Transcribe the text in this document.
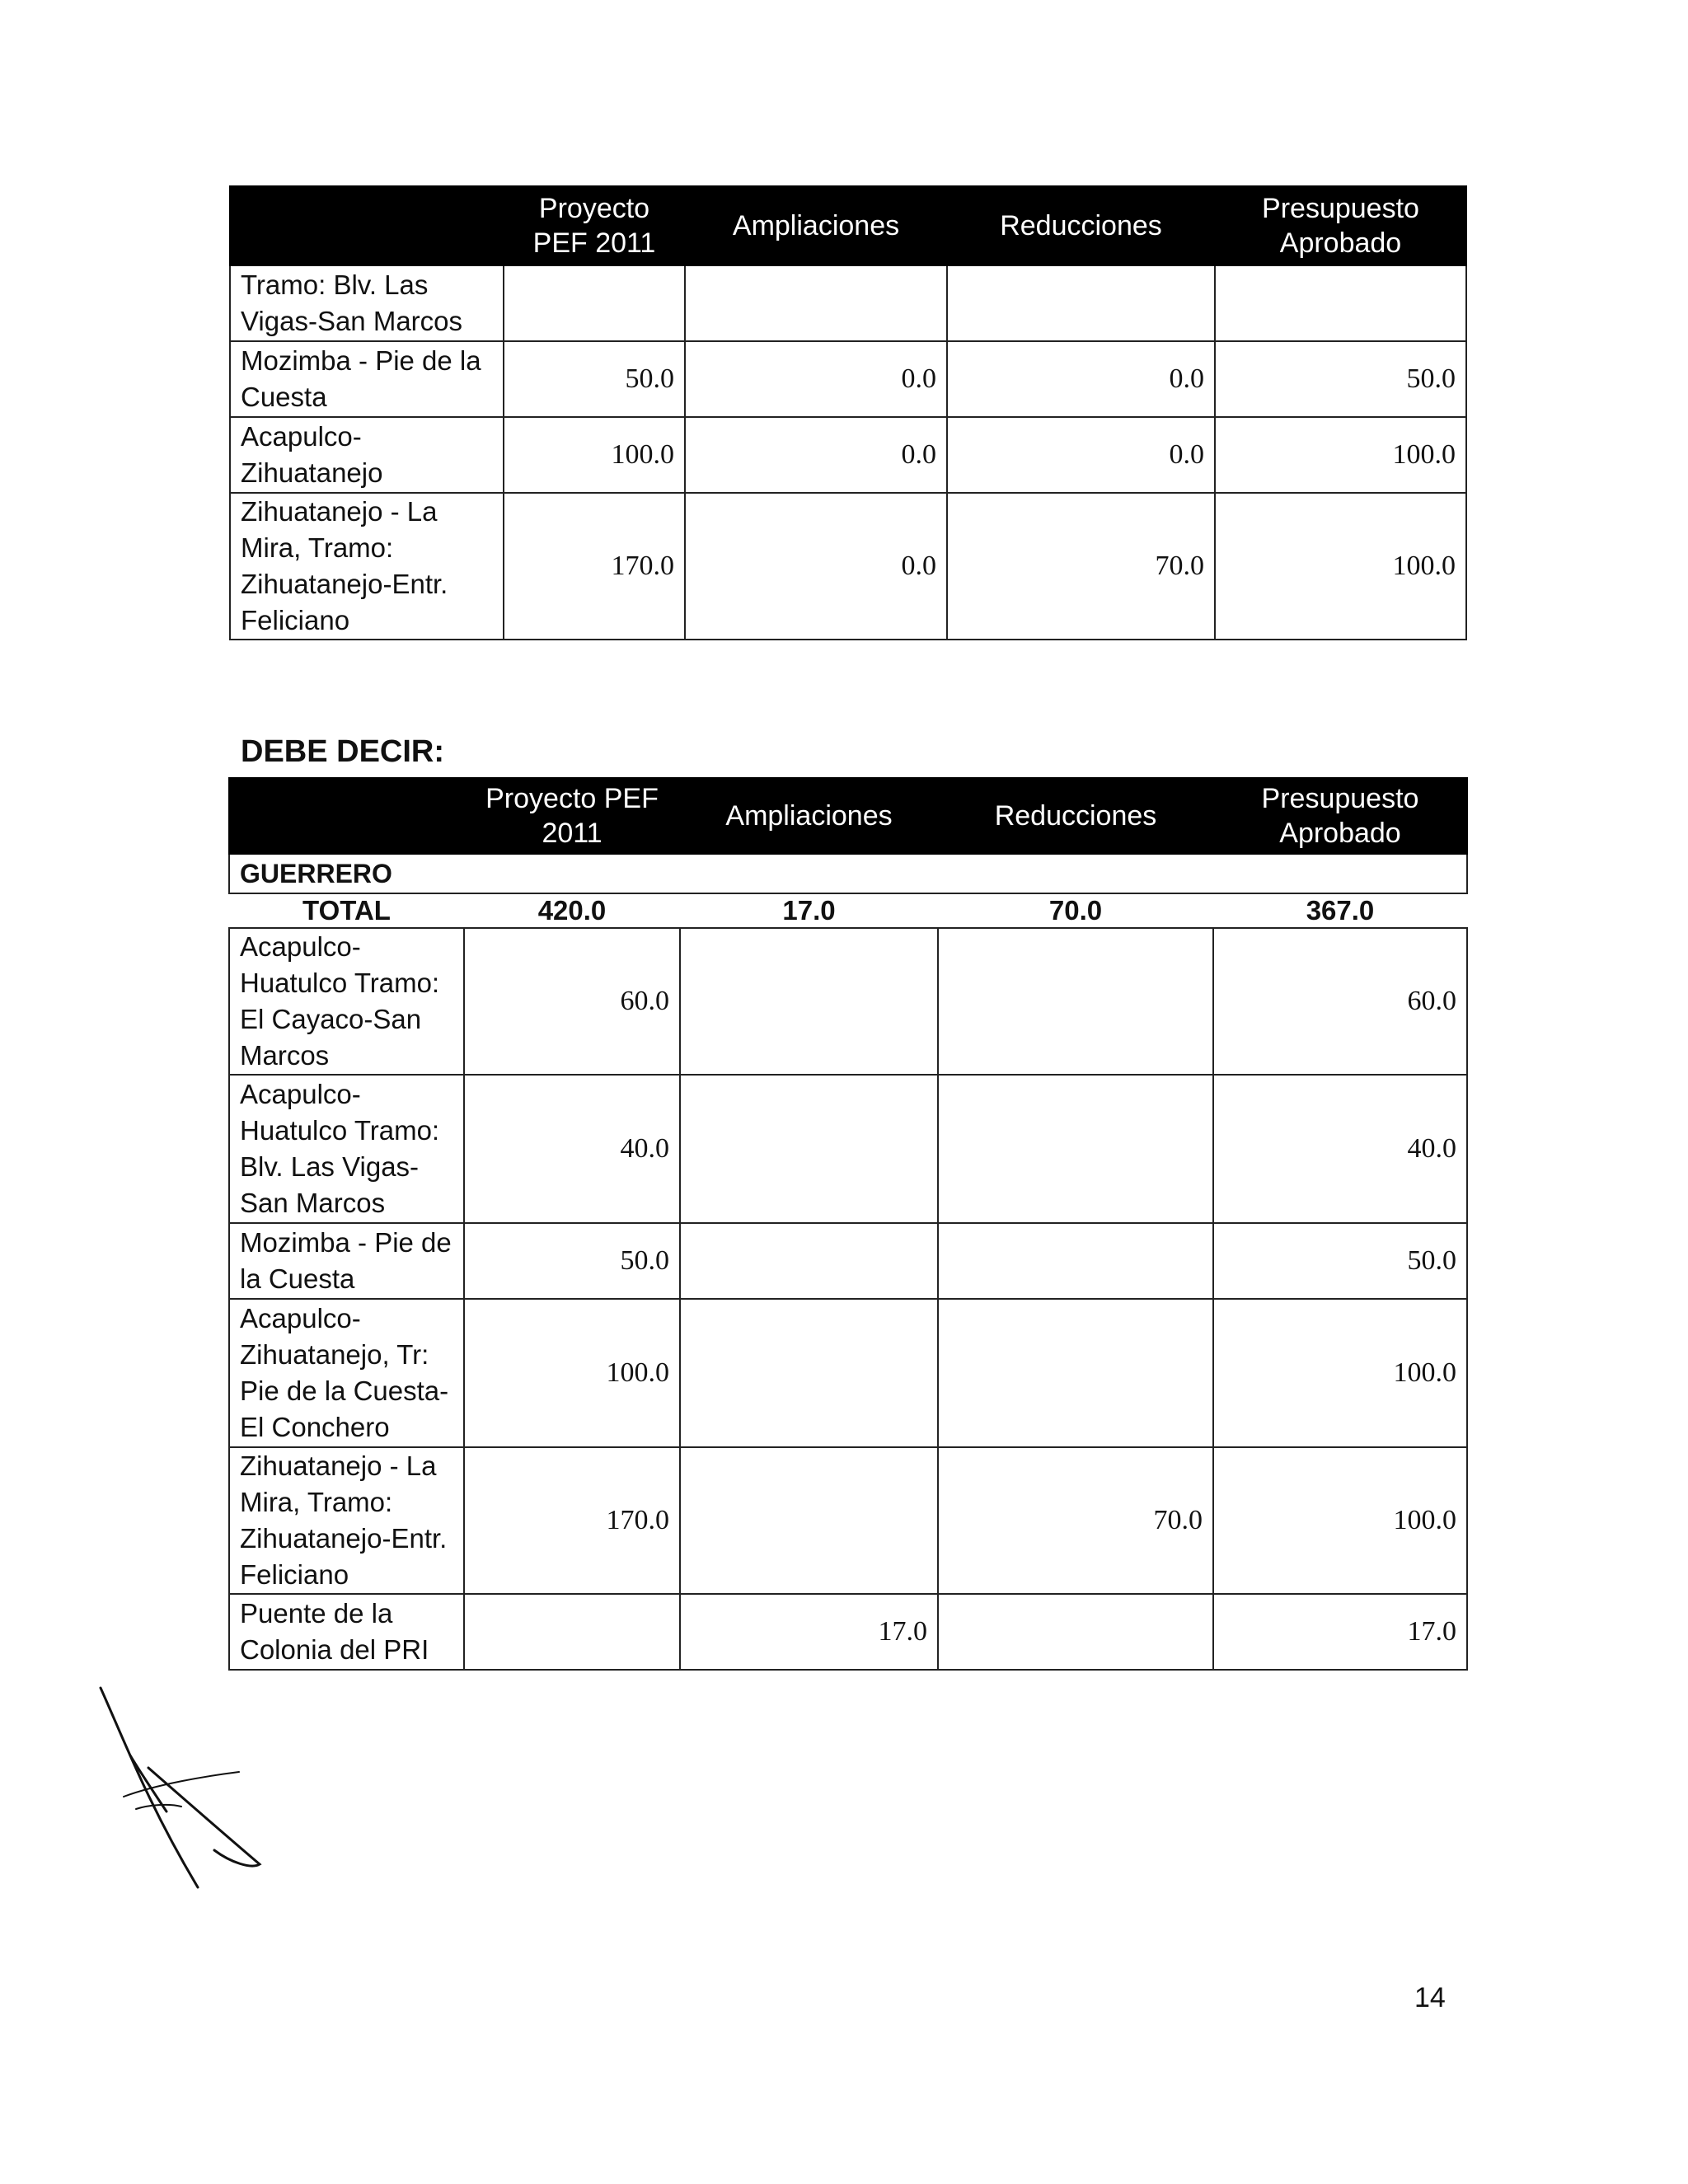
	Proyecto PEF 2011	Ampliaciones	Reducciones	Presupuesto Aprobado
Tramo: Blv. Las Vigas-San Marcos				
Mozimba - Pie de la Cuesta	50.0	0.0	0.0	50.0
Acapulco-Zihuatanejo	100.0	0.0	0.0	100.0
Zihuatanejo - La Mira, Tramo: Zihuatanejo-Entr. Feliciano	170.0	0.0	70.0	100.0
DEBE DECIR:
	Proyecto PEF 2011	Ampliaciones	Reducciones	Presupuesto Aprobado
GUERRERO				
TOTAL	420.0	17.0	70.0	367.0
Acapulco-Huatulco Tramo: El Cayaco-San Marcos	60.0			60.0
Acapulco-Huatulco Tramo: Blv. Las Vigas-San Marcos	40.0			40.0
Mozimba - Pie de la Cuesta	50.0			50.0
Acapulco-Zihuatanejo, Tr: Pie de la Cuesta-El Conchero	100.0			100.0
Zihuatanejo - La Mira, Tramo: Zihuatanejo-Entr. Feliciano	170.0		70.0	100.0
Puente de la Colonia del PRI		17.0		17.0
14
